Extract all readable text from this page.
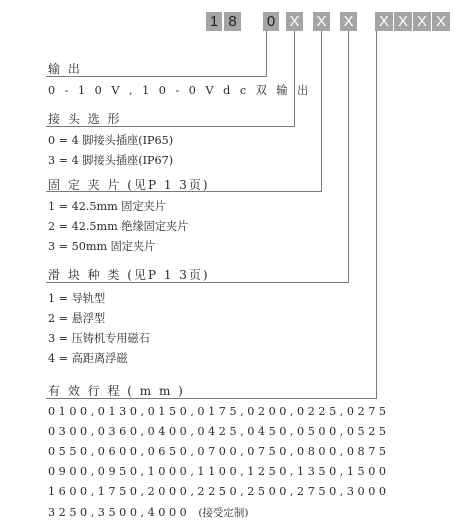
1 8 0 X X X X X X X
输 出
0 - 1 0 V , 1 0 - 0 V d c 双 输 出
接 头 选 形
0 = 4 脚接头插座(IP65)
3 = 4 脚接头插座(IP67)
固 定 夹 片 (见P 1 3页)
1 = 42.5mm 固定夹片
2 = 42.5mm 绝缘固定夹片
3 = 50mm 固定夹片
滑 块 种 类 (见P 1 3页)
1 = 导轨型
2 = 悬浮型
3 = 压铸机专用磁石
4 = 高距离浮磁
有 效 行 程 ( m m )
0 1 0 0 , 0 1 3 0 , 0 1 5 0 , 0 1 7 5 , 0 2 0 0 , 0 2 2 5 , 0 2 7 5
0 3 0 0 , 0 3 6 0 , 0 4 0 0 , 0 4 2 5 , 0 4 5 0 , 0 5 0 0 , 0 5 2 5
0 5 5 0 , 0 6 0 0 , 0 6 5 0 , 0 7 0 0 , 0 7 5 0 , 0 8 0 0 , 0 8 7 5
0 9 0 0 , 0 9 5 0 , 1 0 0 0 , 1 1 0 0 , 1 2 5 0 , 1 3 5 0 , 1 5 0 0
1 6 0 0 , 1 7 5 0 , 2 0 0 0 , 2 2 5 0 , 2 5 0 0 , 2 7 5 0 , 3 0 0 0
3 2 5 0 , 3 5 0 0 , 4 0 0 0 (接受定制)
